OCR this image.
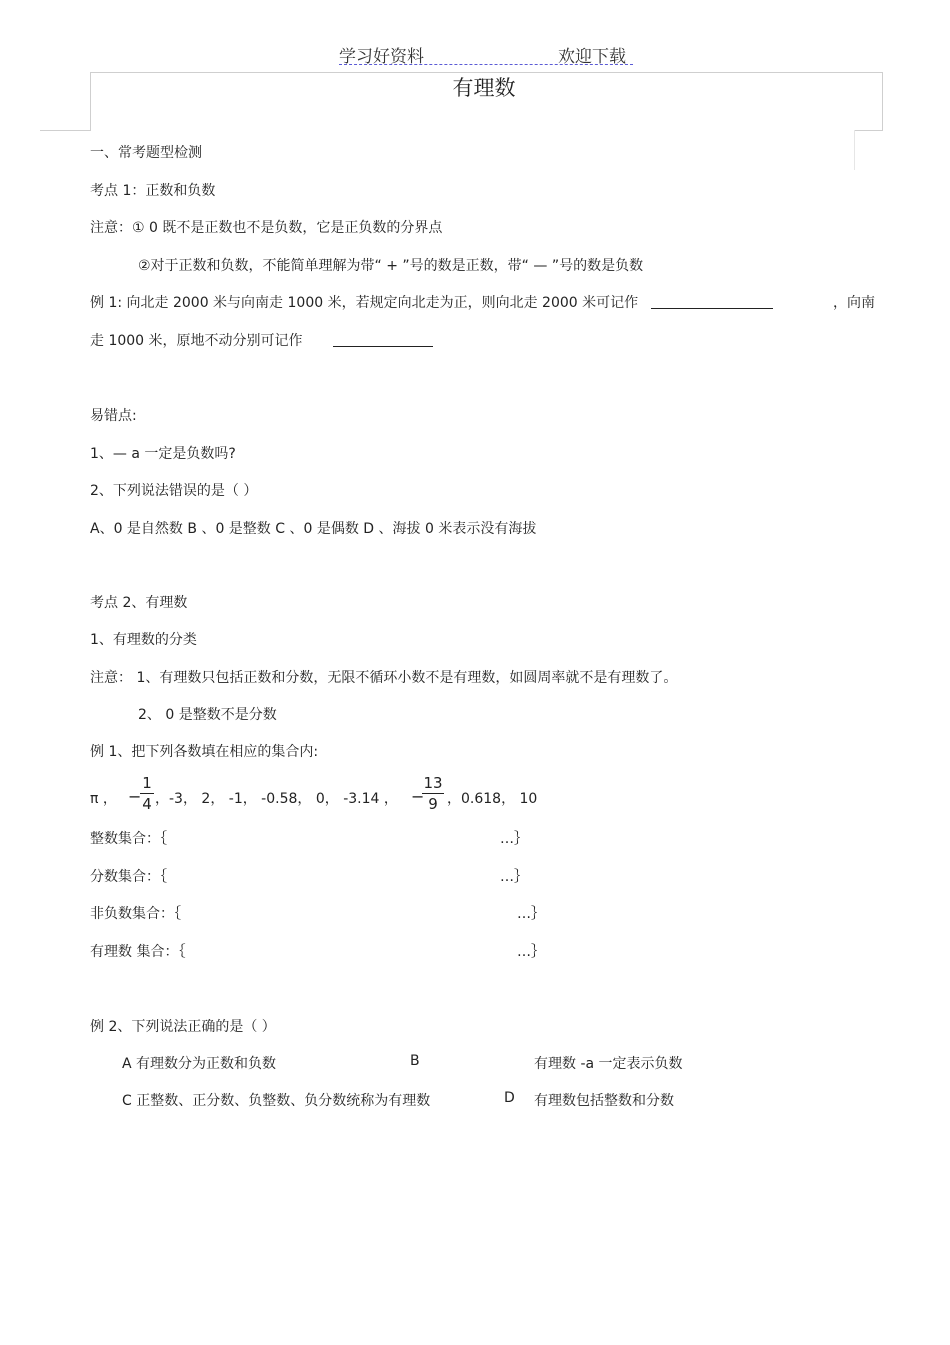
学习好资料	欢迎下载
有理数
一、常考题型检测
考点 1：正数和负数
注意：① 0 既不是正数也不是负数，它是正负数的分界点
②对于正数和负数，不能简单理解为带“ + ”号的数是正数，带“ — ”号的数是负数
例 1: 向北走 2000 米与向南走 1000 米，若规定向北走为正，则向北走 2000 米可记作	，向南
走 1000 米，原地不动分别可记作
易错点:
1、— a 一定是负数吗?
2、下列说法错误的是（ ）
A、0 是自然数 B 、0 是整数 C 、0 是偶数 D 、海拔 0 米表示没有海拔
考点 2、有理数
1、有理数的分类
注意： 1、有理数只包括正数和分数，无限不循环小数不是有理数，如圆周率就不是有理数了。
2、 0 是整数不是分数
例 1、把下列各数填在相应的集合内:
π ， −
1
4 ，-3， 2， -1， -0.58， 0， -3.14 ， −
13
9 ，0.618， 10
整数集合：｛	…｝
分数集合：｛	…｝
非负数集合：｛	…｝
有理数 集合：｛	…｝
例 2、下列说法正确的是（ ）
A 有理数分为正数和负数	B	有理数 -a 一定表示负数
C 正整数、正分数、负整数、负分数统称为有理数	D 有理数包括整数和分数
